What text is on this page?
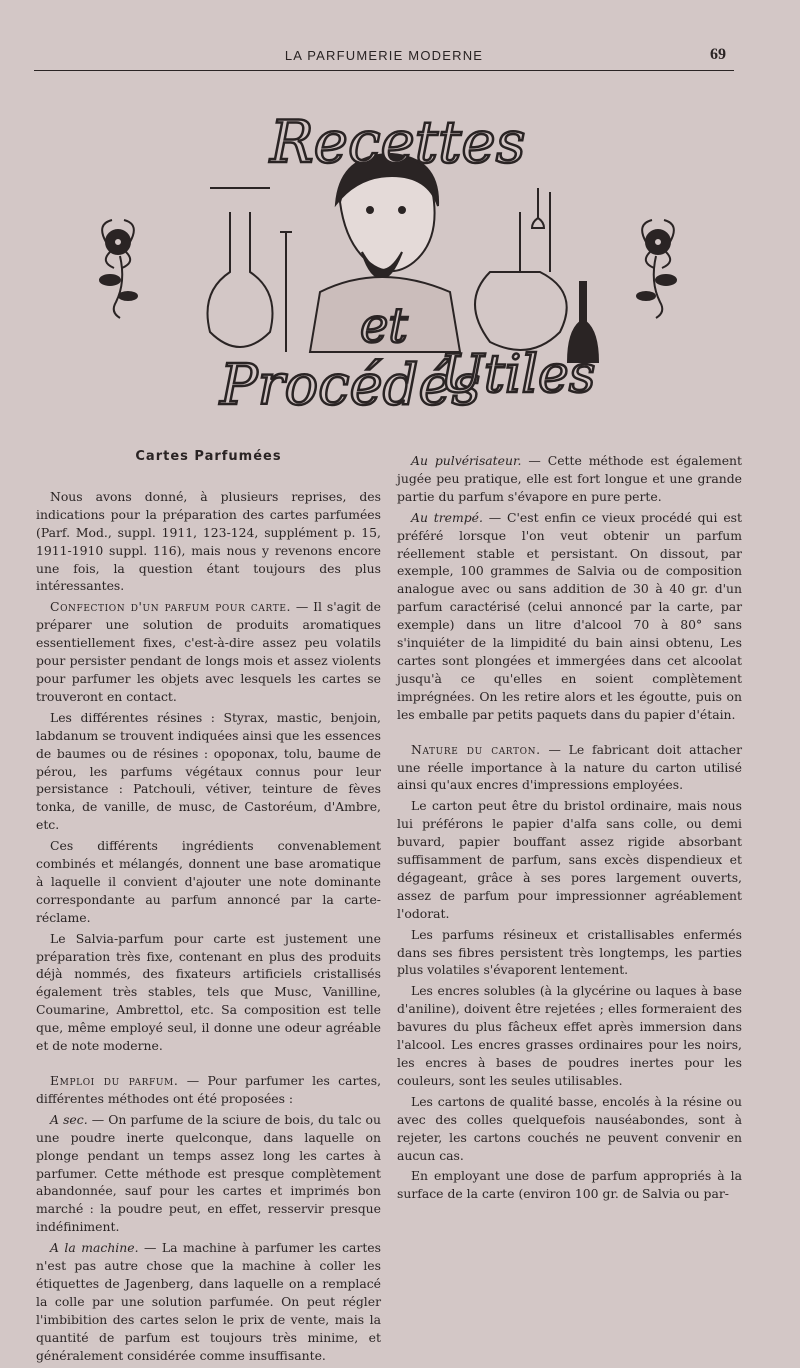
LA PARFUMERIE MODERNE	69
Recettes
et
Procédés
Utiles

Cartes Parfumées

Nous avons donné, à plusieurs reprises, des indications pour la préparation des cartes parfumées (Parf. Mod., suppl. 1911, 123-124, supplément p. 15, 1911-1910 suppl. 116), mais nous y revenons encore une fois, la question étant toujours des plus intéressantes.

Confection d'un parfum pour carte. — Il s'agit de préparer une solution de produits aromatiques essentiellement fixes, c'est-à-dire assez peu volatils pour persister pendant de longs mois et assez violents pour parfumer les objets avec lesquels les cartes se trouveront en contact.

Les différentes résines : Styrax, mastic, benjoin, labdanum se trouvent indiquées ainsi que les essences de baumes ou de résines : opoponax, tolu, baume de pérou, les parfums végétaux connus pour leur persistance : Patchouli, vétiver, teinture de fèves tonka, de vanille, de musc, de Castoréum, d'Ambre, etc.

Ces différents ingrédients convenablement combinés et mélangés, donnent une base aromatique à laquelle il convient d'ajouter une note dominante correspondante au parfum annoncé par la carte-réclame.

Le Salvia-parfum pour carte est justement une préparation très fixe, contenant en plus des produits déjà nommés, des fixateurs artificiels cristallisés également très stables, tels que Musc, Vanilline, Coumarine, Ambrettol, etc. Sa composition est telle que, même employé seul, il donne une odeur agréable et de note moderne.

Emploi du parfum. — Pour parfumer les cartes, différentes méthodes ont été proposées :

A sec. — On parfume de la sciure de bois, du talc ou une poudre inerte quelconque, dans laquelle on plonge pendant un temps assez long les cartes à parfumer. Cette méthode est presque complètement abandonnée, sauf pour les cartes et imprimés bon marché : la poudre peut, en effet, resservir presque indéfiniment.

A la machine. — La machine à parfumer les cartes n'est pas autre chose que la machine à coller les étiquettes de Jagenberg, dans laquelle on a remplacé la colle par une solution parfumée. On peut régler l'imbibition des cartes selon le prix de vente, mais la quantité de parfum est toujours très minime, et généralement considérée comme insuffisante.

Au pulvérisateur. — Cette méthode est également jugée peu pratique, elle est fort longue et une grande partie du parfum s'évapore en pure perte.

Au trempé. — C'est enfin ce vieux procédé qui est préféré lorsque l'on veut obtenir un parfum réellement stable et persistant. On dissout, par exemple, 100 grammes de Salvia ou de composition analogue avec ou sans addition de 30 à 40 gr. d'un parfum caractérisé (celui annoncé par la carte, par exemple) dans un litre d'alcool 70 à 80° sans s'inquiéter de la limpidité du bain ainsi obtenu, Les cartes sont plongées et immergées dans cet alcoolat jusqu'à ce qu'elles en soient complètement imprégnées. On les retire alors et les égoutte, puis on les emballe par petits paquets dans du papier d'étain.

Nature du carton. — Le fabricant doit attacher une réelle importance à la nature du carton utilisé ainsi qu'aux encres d'impressions employées.

Le carton peut être du bristol ordinaire, mais nous lui préférons le papier d'alfa sans colle, ou demi buvard, papier bouffant assez rigide absorbant suffisamment de parfum, sans excès dispendieux et dégageant, grâce à ses pores largement ouverts, assez de parfum pour impressionner agréablement l'odorat.

Les parfums résineux et cristallisables enfermés dans ses fibres persistent très longtemps, les parties plus volatiles s'évaporent lentement.

Les encres solubles (à la glycérine ou laques à base d'aniline), doivent être rejetées ; elles formeraient des bavures du plus fâcheux effet après immersion dans l'alcool. Les encres grasses ordinaires pour les noirs, les encres à bases de poudres inertes pour les couleurs, sont les seules utilisables.

Les cartons de qualité basse, encolés à la résine ou avec des colles quelquefois nauséabondes, sont à rejeter, les cartons couchés ne peuvent convenir en aucun cas.

En employant une dose de parfum appropriés à la surface de la carte (environ 100 gr. de Salvia ou par-
